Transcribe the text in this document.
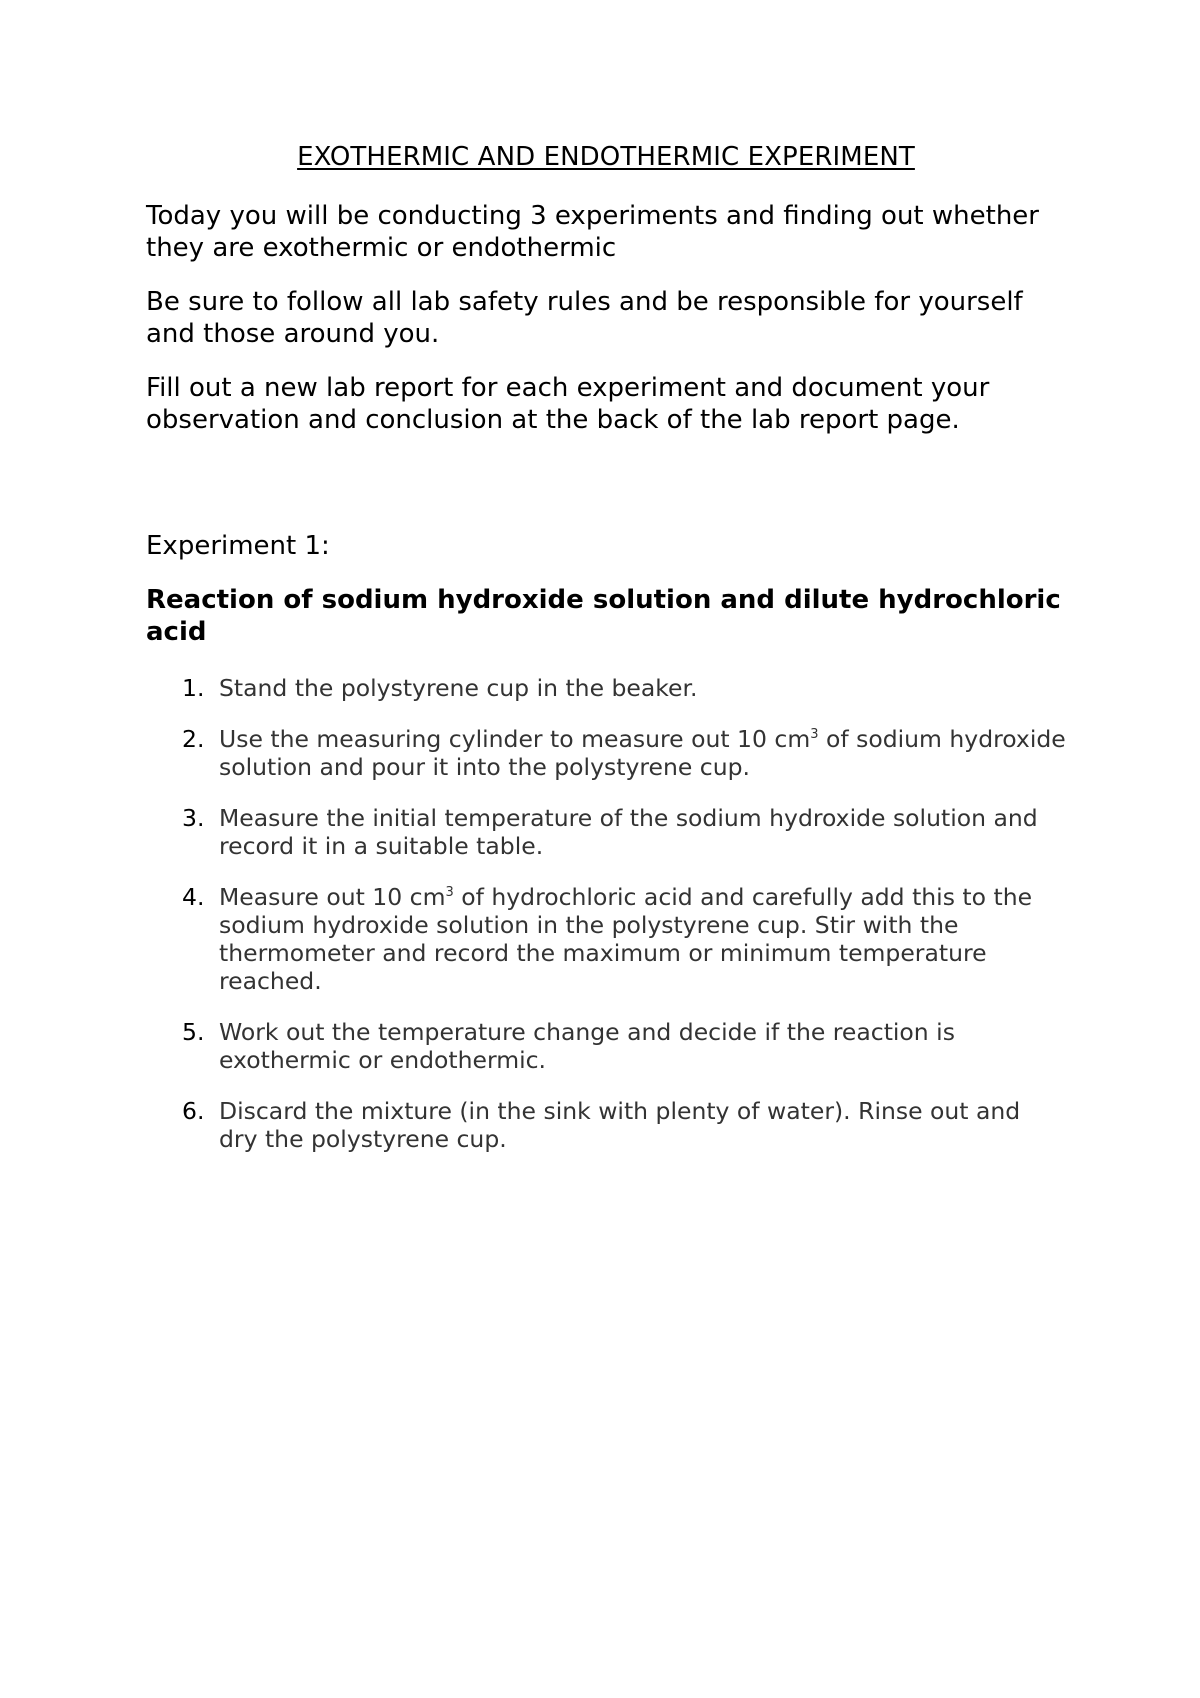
EXOTHERMIC AND ENDOTHERMIC EXPERIMENT

Today you will be conducting 3 experiments and finding out whether they are exothermic or endothermic

Be sure to follow all lab safety rules and be responsible for yourself and those around you.

Fill out a new lab report for each experiment and document your observation and conclusion at the back of the lab report page.

Experiment 1:

Reaction of sodium hydroxide solution and dilute hydrochloric acid
1. Stand the polystyrene cup in the beaker.
2. Use the measuring cylinder to measure out 10 $cm^3$ of sodium hydroxide solution and pour it into the polystyrene cup.
3. Measure the initial temperature of the sodium hydroxide solution and record it in a suitable table.
4. Measure out 10 $cm^3$ of hydrochloric acid and carefully add this to the sodium hydroxide solution in the polystyrene cup. Stir with the thermometer and record the maximum or minimum temperature reached.
5. Work out the temperature change and decide if the reaction is exothermic or endothermic.
6. Discard the mixture (in the sink with plenty of water). Rinse out and dry the polystyrene cup.
